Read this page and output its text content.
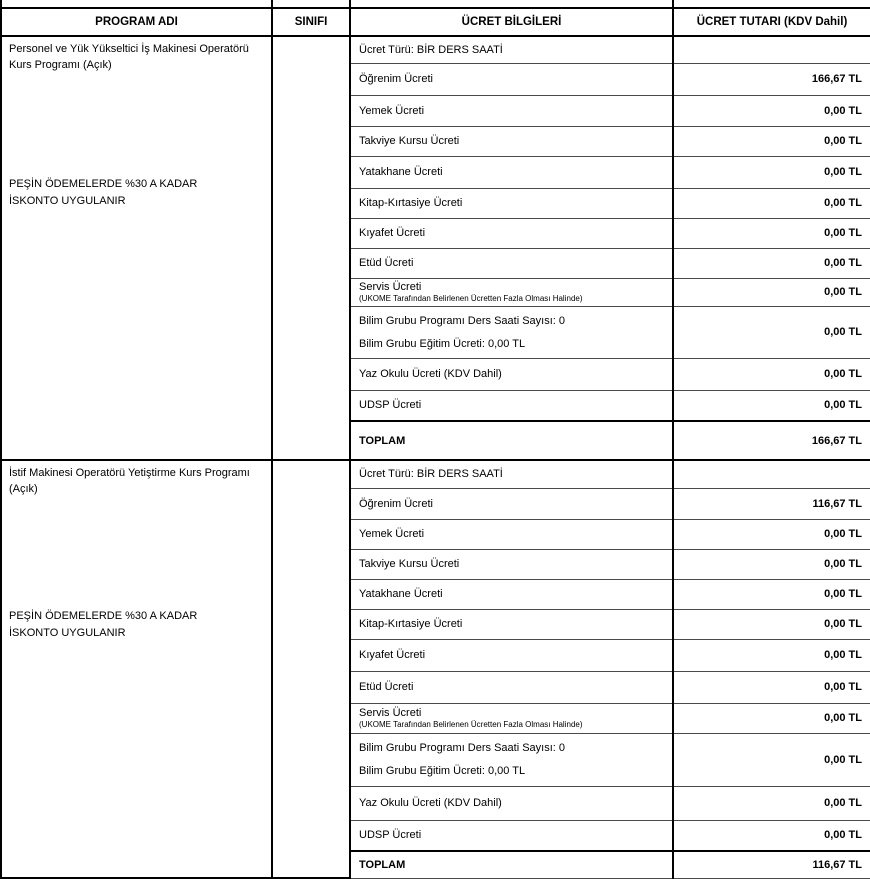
PROGRAM ADI	SINIFI	ÜCRET BİLGİLERİ	ÜCRET TUTARI (KDV Dahil)

Personel ve Yük Yükseltici İş Makinesi Operatörü Kurs Programı (Açık)
PEŞİN ÖDEMELERDE %30 A KADAR İSKONTO UYGULANIR		Ücret Türü: BİR DERS SAATİ	
		Öğrenim Ücreti	166,67 TL
		Yemek Ücreti	0,00 TL
		Takviye Kursu Ücreti	0,00 TL
		Yatakhane Ücreti	0,00 TL
		Kitap-Kırtasiye Ücreti	0,00 TL
		Kıyafet Ücreti	0,00 TL
		Etüd Ücreti	0,00 TL

		Servis Ücreti
(UKOME Tarafından Belirlenen Ücretten Fazla Olması Halinde)	0,00 TL

		Bilim Grubu Programı Ders Saati Sayısı: 0
Bilim Grubu Eğitim Ücreti: 0,00 TL	0,00 TL
		Yaz Okulu Ücreti (KDV Dahil)	0,00 TL
		UDSP Ücreti	0,00 TL
		TOPLAM	166,67 TL

İstif Makinesi Operatörü Yetiştirme Kurs Programı (Açık)
PEŞİN ÖDEMELERDE %30 A KADAR İSKONTO UYGULANIR		Ücret Türü: BİR DERS SAATİ	
		Öğrenim Ücreti	116,67 TL
		Yemek Ücreti	0,00 TL
		Takviye Kursu Ücreti	0,00 TL
		Yatakhane Ücreti	0,00 TL
		Kitap-Kırtasiye Ücreti	0,00 TL
		Kıyafet Ücreti	0,00 TL
		Etüd Ücreti	0,00 TL

		Servis Ücreti
(UKOME Tarafından Belirlenen Ücretten Fazla Olması Halinde)	0,00 TL

		Bilim Grubu Programı Ders Saati Sayısı: 0
Bilim Grubu Eğitim Ücreti: 0,00 TL	0,00 TL
		Yaz Okulu Ücreti (KDV Dahil)	0,00 TL
		UDSP Ücreti	0,00 TL
		TOPLAM	116,67 TL
